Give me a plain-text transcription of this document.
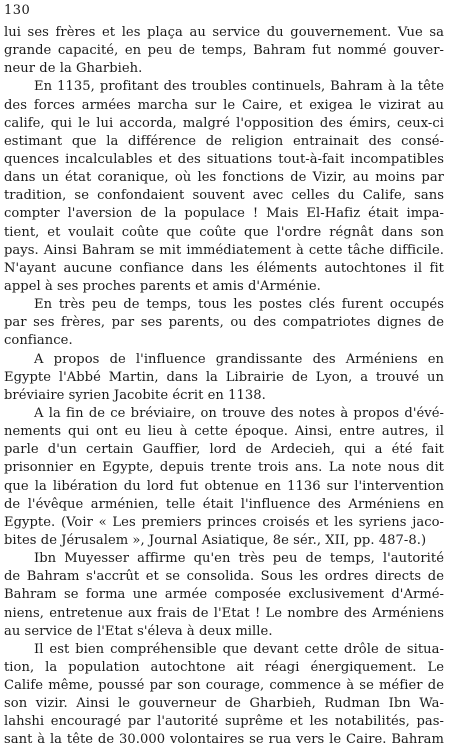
130
lui ses frères et les plaça au service du gouvernement. Vue sa
grande capacité, en peu de temps, Bahram fut nommé gouver-
neur de la Gharbieh.
En 1135, profitant des troubles continuels, Bahram à la tête
des forces armées marcha sur le Caire, et exigea le vizirat au
calife, qui le lui accorda, malgré l'opposition des émirs, ceux-ci
estimant que la différence de religion entrainait des consé-
quences incalculables et des situations tout-à-fait incompatibles
dans un état coranique, où les fonctions de Vizir, au moins par
tradition, se confondaient souvent avec celles du Calife, sans
compter l'aversion de la populace ! Mais El-Hafiz était impa-
tient, et voulait coûte que coûte que l'ordre régnât dans son
pays. Ainsi Bahram se mit immédiatement à cette tâche difficile.
N'ayant aucune confiance dans les éléments autochtones il fit
appel à ses proches parents et amis d'Arménie.
En très peu de temps, tous les postes clés furent occupés
par ses frères, par ses parents, ou des compatriotes dignes de
confiance.
A propos de l'influence grandissante des Arméniens en
Egypte l'Abbé Martin, dans la Librairie de Lyon, a trouvé un
bréviaire syrien Jacobite écrit en 1138.
A la fin de ce bréviaire, on trouve des notes à propos d'évé-
nements qui ont eu lieu à cette époque. Ainsi, entre autres, il
parle d'un certain Gauffier, lord de Ardecieh, qui a été fait
prisonnier en Egypte, depuis trente trois ans. La note nous dit
que la libération du lord fut obtenue en 1136 sur l'intervention
de l'évêque arménien, telle était l'influence des Arméniens en
Egypte. (Voir « Les premiers princes croisés et les syriens jaco-
bites de Jérusalem », Journal Asiatique, 8e sér., XII, pp. 487-8.)
Ibn Muyesser affirme qu'en très peu de temps, l'autorité
de Bahram s'accrût et se consolida. Sous les ordres directs de
Bahram se forma une armée composée exclusivement d'Armé-
niens, entretenue aux frais de l'Etat ! Le nombre des Arméniens
au service de l'Etat s'éleva à deux mille.
Il est bien compréhensible que devant cette drôle de situa-
tion, la population autochtone ait réagi énergiquement. Le
Calife même, poussé par son courage, commence à se méfier de
son vizir. Ainsi le gouverneur de Gharbieh, Rudman Ibn Wa-
lahshi encouragé par l'autorité suprême et les notabilités, pas-
sant à la tête de 30.000 volontaires se rua vers le Caire. Bahram
